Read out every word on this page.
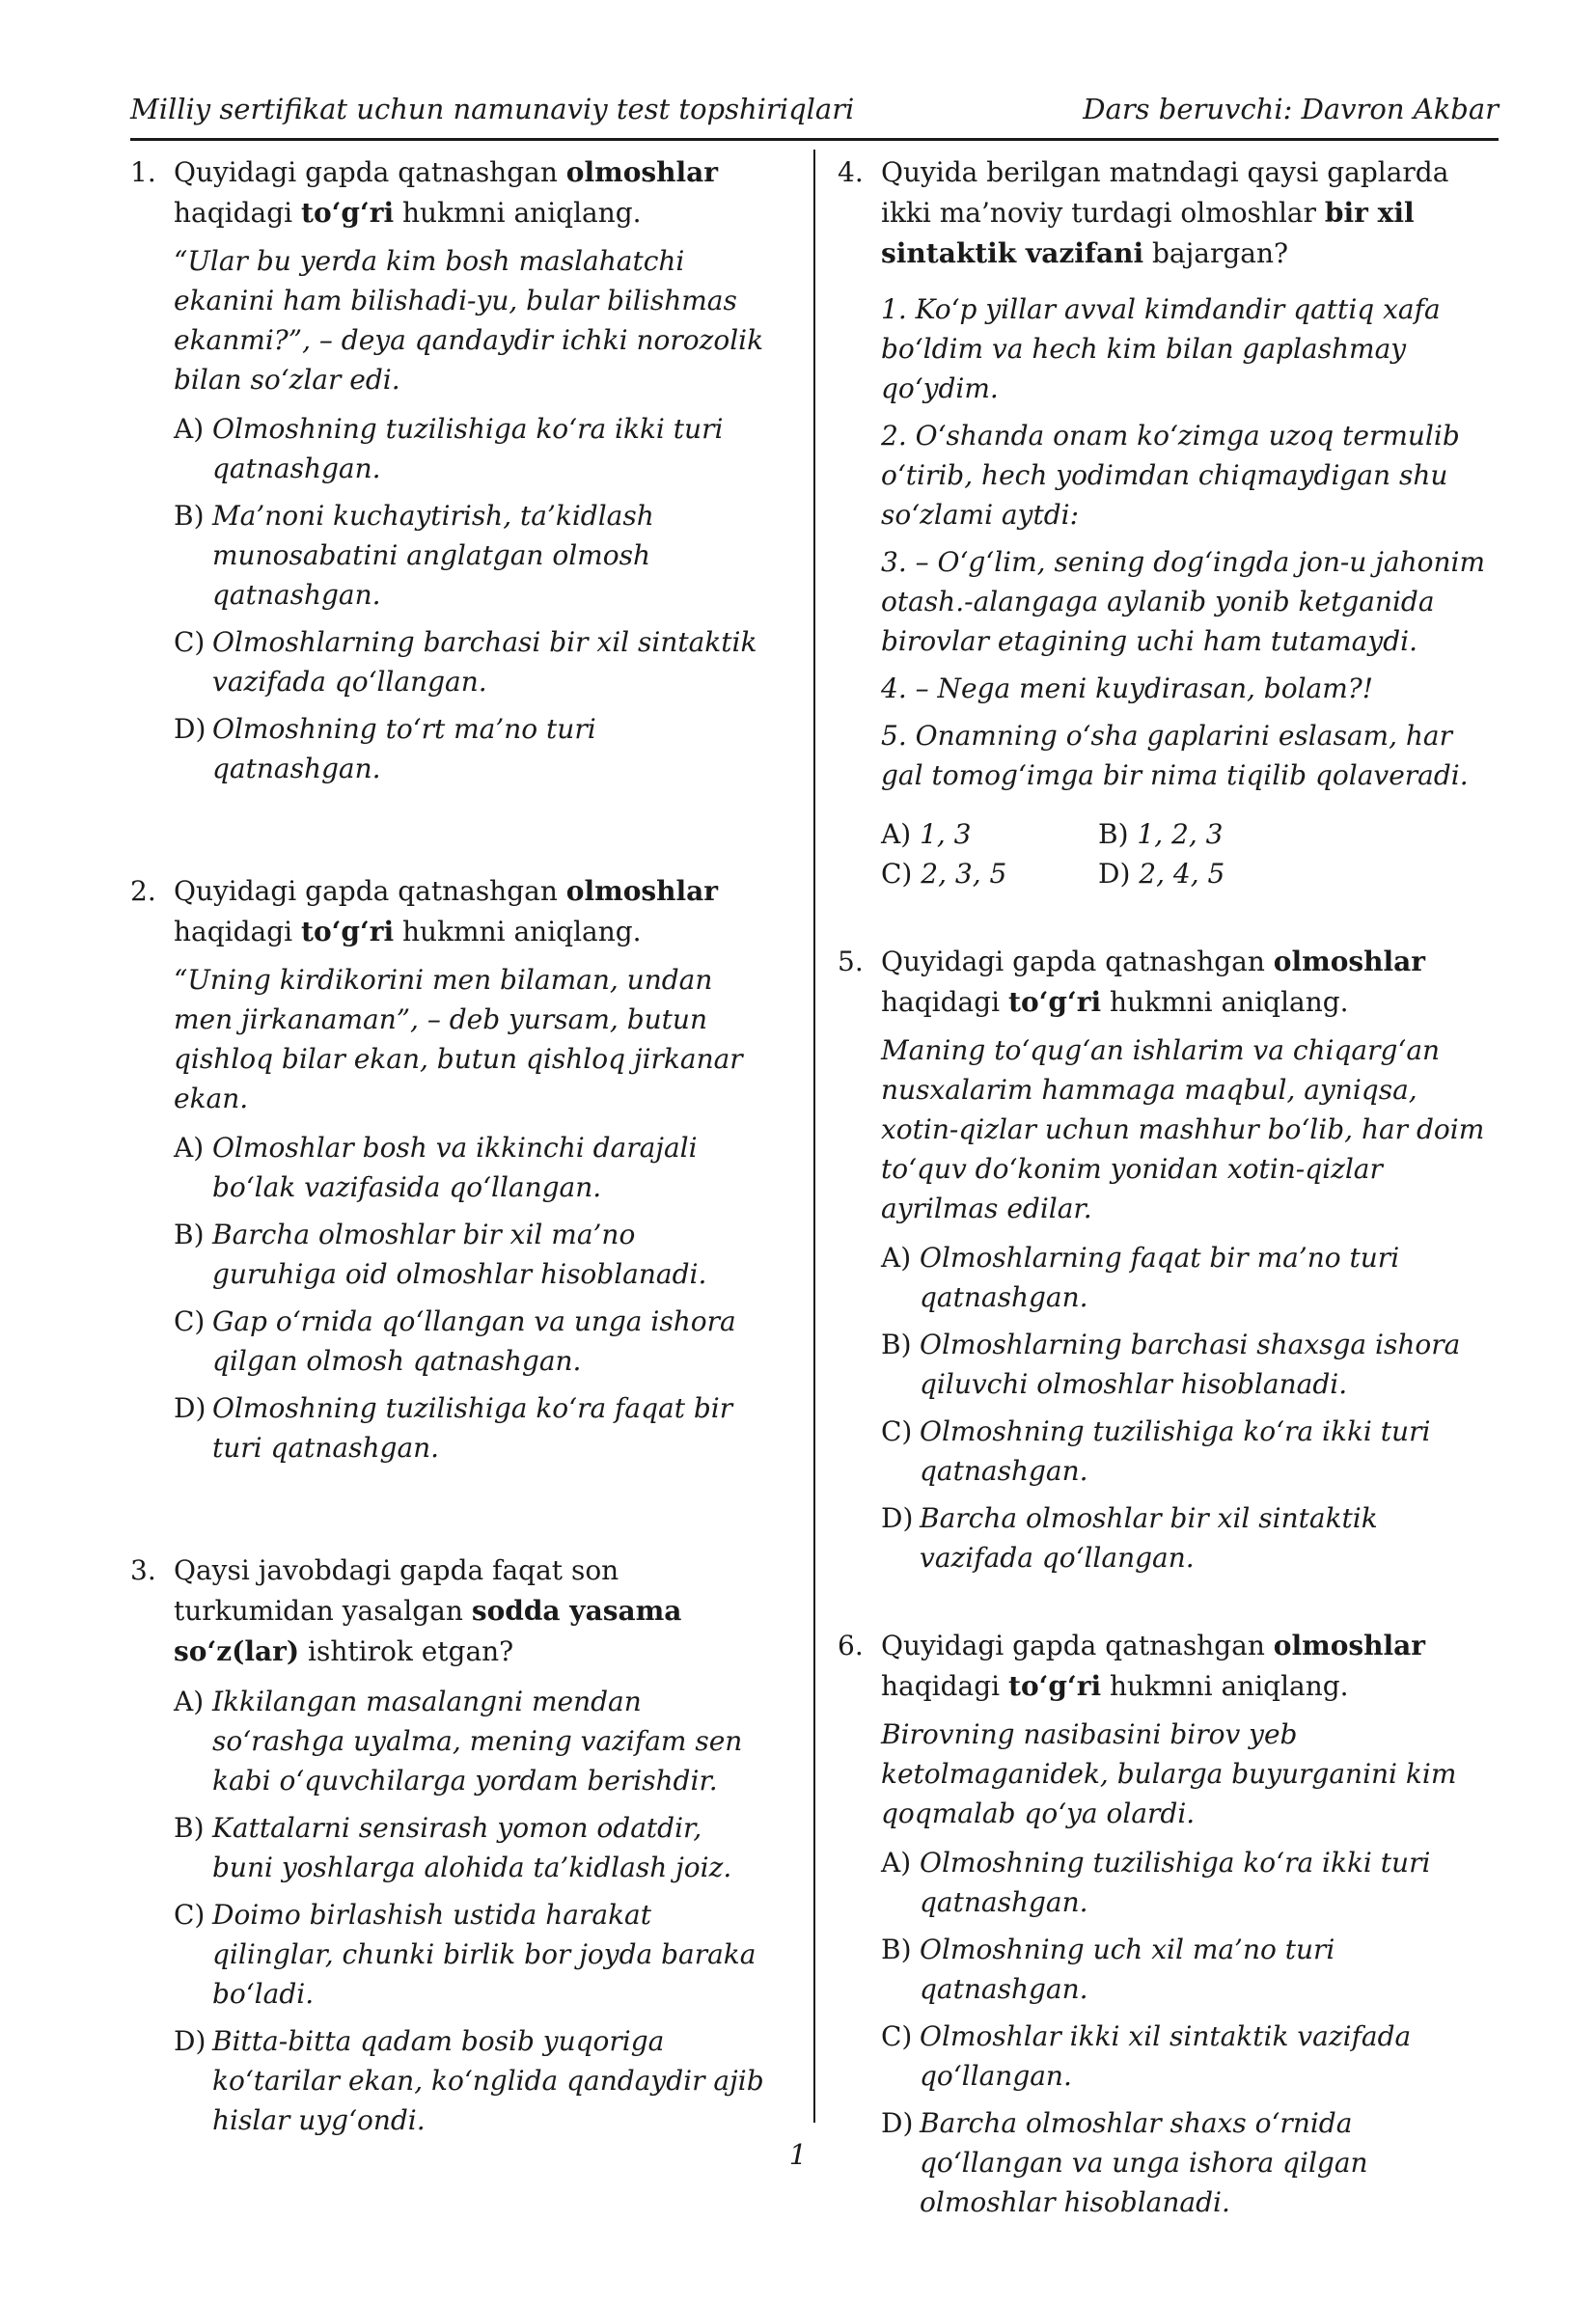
Milliy sertifikat uchun namunaviy test topshiriqlari	Dars beruvchi: Davron Akbar
1. Quyidagi gapda qatnashgan olmoshlar haqidagi to‘g‘ri hukmni aniqlang.

“Ular bu yerda kim bosh maslahatchi ekanini ham bilishadi-yu, bular bilishmas ekanmi?”, – deya qandaydir ichki norozolik bilan so‘zlar edi.

A) Olmoshning tuzilishiga ko‘ra ikki turi qatnashgan.
B) Ma’noni kuchaytirish, ta’kidlash munosabatini anglatgan olmosh qatnashgan.
C) Olmoshlarning barchasi bir xil sintaktik vazifada qo‘llangan.
D) Olmoshning to‘rt ma’no turi qatnashgan.
2. Quyidagi gapda qatnashgan olmoshlar haqidagi to‘g‘ri hukmni aniqlang.

“Uning kirdikorini men bilaman, undan men jirkanaman”, – deb yursam, butun qishloq bilar ekan, butun qishloq jirkanar ekan.

A) Olmoshlar bosh va ikkinchi darajali bo‘lak vazifasida qo‘llangan.
B) Barcha olmoshlar bir xil ma’no guruhiga oid olmoshlar hisoblanadi.
C) Gap o‘rnida qo‘llangan va unga ishora qilgan olmosh qatnashgan.
D) Olmoshning tuzilishiga ko‘ra faqat bir turi qatnashgan.
3. Qaysi javobdagi gapda faqat son turkumidan yasalgan sodda yasama so‘z(lar) ishtirok etgan?
A) Ikkilangan masalangni mendan so‘rashga uyalma, mening vazifam sen kabi o‘quvchilarga yordam berishdir.
B) Kattalarni sensirash yomon odatdir, buni yoshlarga alohida ta’kidlash joiz.
C) Doimo birlashish ustida harakat qilinglar, chunki birlik bor joyda baraka bo‘ladi.
D) Bitta-bitta qadam bosib yuqoriga ko‘tarilar ekan, ko‘nglida qandaydir ajib hislar uyg‘ondi.
4. Quyida berilgan matndagi qaysi gaplarda ikki ma’noviy turdagi olmoshlar bir xil sintaktik vazifani bajargan?

1. Ko‘p yillar avval kimdandir qattiq xafa bo‘ldim va hech kim bilan gaplashmay qo‘ydim.

2. O‘shanda onam ko‘zimga uzoq termulib o‘tirib, hech yodimdan chiqmaydigan shu so‘zlami aytdi:

3. – O‘g‘lim, sening dog‘ingda jon-u jahonim otash.-alangaga aylanib yonib ketganida birovlar etagining uchi ham tutamaydi.

4. – Nega meni kuydirasan, bolam?!

5. Onamning o‘sha gaplarini eslasam, har gal tomog‘imga bir nima tiqilib qolaveradi.

A) 1, 3	B) 1, 2, 3
C) 2, 3, 5	D) 2, 4, 5
5. Quyidagi gapda qatnashgan olmoshlar haqidagi to‘g‘ri hukmni aniqlang.

Maning to‘qug‘an ishlarim va chiqarg‘an nusxalarim hammaga maqbul, ayniqsa, xotin-qizlar uchun mashhur bo‘lib, har doim to‘quv do‘konim yonidan xotin-qizlar ayrilmas edilar.

A) Olmoshlarning faqat bir ma’no turi qatnashgan.
B) Olmoshlarning barchasi shaxsga ishora qiluvchi olmoshlar hisoblanadi.
C) Olmoshning tuzilishiga ko‘ra ikki turi qatnashgan.
D) Barcha olmoshlar bir xil sintaktik vazifada qo‘llangan.
6. Quyidagi gapda qatnashgan olmoshlar haqidagi to‘g‘ri hukmni aniqlang.

Birovning nasibasini birov yeb ketolmaganidek, bularga buyurganini kim qoqmalab qo‘ya olardi.

A) Olmoshning tuzilishiga ko‘ra ikki turi qatnashgan.
B) Olmoshning uch xil ma’no turi qatnashgan.
C) Olmoshlar ikki xil sintaktik vazifada qo‘llangan.
D) Barcha olmoshlar shaxs o‘rnida qo‘llangan va unga ishora qilgan olmoshlar hisoblanadi.
1
